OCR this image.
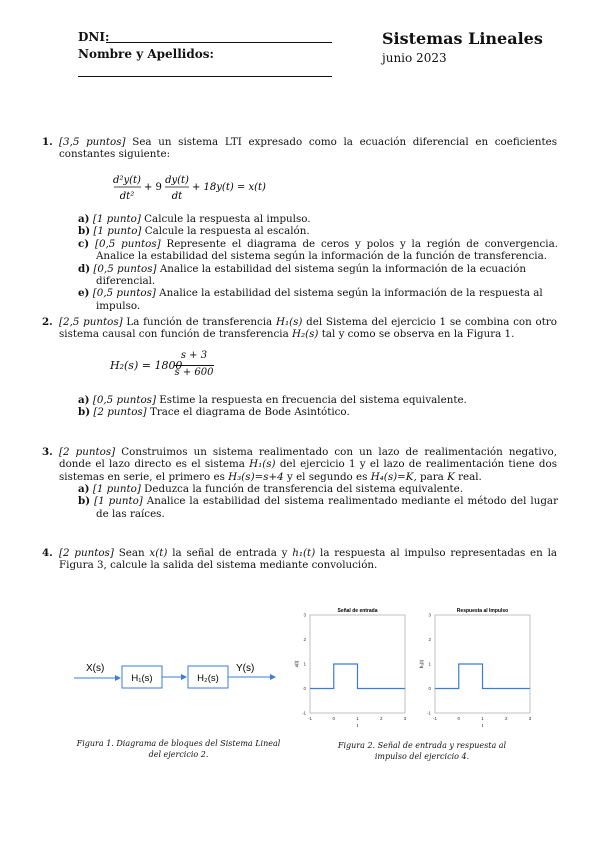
DNI:
Nombre y Apellidos:
Sistemas Lineales
junio 2023
1. [3,5 puntos] Sea un sistema LTI expresado como la ecuación diferencial en coeficientes constantes siguiente:
d²y(t)
dt²
+ 9
dy(t)
dt
+ 18y(t) = x(t)
a) [1 punto] Calcule la respuesta al impulso.
b) [1 punto] Calcule la respuesta al escalón.
c) [0,5 puntos] Represente el diagrama de ceros y polos y la región de convergencia. Analice la estabilidad del sistema según la información de la función de transferencia.
d) [0,5 puntos] Analice la estabilidad del sistema según la información de la ecuación diferencial.
e) [0,5 puntos] Analice la estabilidad del sistema según la información de la respuesta al impulso.
2. [2,5 puntos] La función de transferencia H₁(s) del Sistema del ejercicio 1 se combina con otro sistema causal con función de transferencia H₂(s) tal y como se observa en la Figura 1.
H₂(s) = 1800
s + 3
s + 600
a) [0,5 puntos] Estime la respuesta en frecuencia del sistema equivalente.
b) [2 puntos] Trace el diagrama de Bode Asintótico.
3. [2 puntos] Construimos un sistema realimentado con un lazo de realimentación negativo, donde el lazo directo es el sistema H₁(s) del ejercicio 1 y el lazo de realimentación tiene dos sistemas en serie, el primero es H₃(s)=s+4 y el segundo es H₄(s)=K, para K real.
a) [1 punto] Deduzca la función de transferencia del sistema equivalente.
b) [1 punto] Analice la estabilidad del sistema realimentado mediante el método del lugar de las raíces.
4. [2 puntos] Sean x(t) la señal de entrada y h₁(t) la respuesta al impulso representadas en la Figura 3, calcule la salida del sistema mediante convolución.
X(s)
H₁(s)	H₂(s)
Y(s)
Figura 1. Diagrama de bloques del Sistema Lineal del ejercicio 2.
Señal de entrada
-1	0	1	2	3
-1
0
1
2
3
t
x(t)
Respuesta al Impulso
-1	0	1	2	3
-1
0
1
2
3
t
h₁(t)
Figura 2. Señal de entrada y respuesta al impulso del ejercicio 4.
